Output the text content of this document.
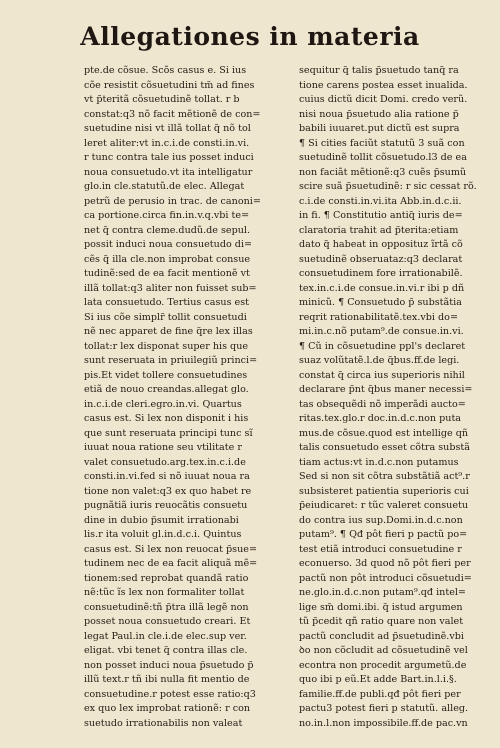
Allegationes in materia
pte.de cõsue. Scõs casus e. Si ius
cõe resistit cõsuetudini tm̃ ad fines
vt p̃teritã cõsuetudinẽ tollat. r b
constat:q3 nõ facit mẽtionẽ de con=
suetudine nisi vt illã tollat q̃ nõ tol
leret aliter:vt in.c.i.de consti.in.vi.
r tunc contra tale ius posset induci
noua consuetudo.vt ita intelligatur
glo.in cle.statutũ.de elec. Allegat
petrũ de perusio in trac. de canoni=
ca portione.circa fin.in.v.q.vbi te=
net q̃ contra cleme.dudũ.de sepul.
possit induci noua consuetudo di=
cẽs q̃ illa cle.non improbat consue
tudinẽ:sed de ea facit mentionẽ vt
illã tollat:q3 aliter non fuisset sub=
lata consuetudo. Tertius casus est
Si ius cõe simplr̃ tollit consuetudi
nẽ nec apparet de fine q̃re lex illas
tollat:r lex disponat super his que
sunt reseruata in priuilegiũ princi=
pis.Et videt tollere consuetudines
etiã de nouo creandas.allegat glo.
in.c.i.de cleri.egro.in.vi. Quartus
casus est. Si lex non disponit i his
que sunt reseruata principi tunc sĩ
iuuat noua ratione seu vtilitate r
valet consuetudo.arg.tex.in.c.i.de
consti.in.vi.fed si nõ iuuat noua ra
tione non valet:q3 ex quo habet re
pugnãtiã iuris reuocãtis consuetu
dine in dubio p̃sumit irrationabi
lis.r ita voluit gl.in.d.c.i. Quintus
casus est. Si lex non reuocat p̃sue=
tudinem nec de ea facit aliquã mẽ=
tionem:sed reprobat quandã ratio
nẽ:tũc ĩs lex non formaliter tollat
consuetudinẽ:tñ p̃tra illã legẽ non
posset noua consuetudo creari. Et
legat Paul.in cle.i.de elec.sup ver.
eligat. vbi tenet q̃ contra illas cle.
non posset induci noua p̃suetudo p̃
illũ text.r tñ ibi nulla fit mentio de
consuetudine.r potest esse ratio:q3
ex quo lex improbat rationẽ: r con
suetudo irrationabilis non valeat
sequitur q̃ talis p̃suetudo tanq̃ ra
tione carens postea esset inualida.
cuius dictũ dicit Domi. credo verũ.
nisi noua p̃suetudo alia ratione p̃
babili iuuaret.put dictũ est supra
¶ Si cities faciũt statutũ 3 suã con
suetudinẽ tollit cõsuetudo.l3 de ea
non faciãt mẽtionẽ:q3 cuẽs p̃sumũ
scire suã p̃suetudinẽ: r sic cessat rõ.
c.i.de consti.in.vi.ita Abb.in.d.c.ii.
in fi. ¶ Constitutio antiq̃ iuris de=
claratoria trahit ad p̃terita:etiam
dato q̃ habeat in opposituz ĩrtã cõ
suetudinẽ obseruataz:q3 declarat
consuetudinem fore irrationabilẽ.
tex.in.c.i.de consue.in.vi.r ibi p dñ
minicũ. ¶ Consuetudo p̃ substãtia
reqrit rationabilitatẽ.tex.vbi do=
mi.in.c.nõ putam⁹.de consue.in.vi.
¶ Cũ in cõsuetudine ppl's declaret
suaz volũtatẽ.l.de q̃bus.ff.de legi.
constat q̃ circa ius superioris nihil
declarare p̃nt q̃bus maner necessi=
tas obsequẽdi nõ imperãdi aucto=
ritas.tex.glo.r doc.in.d.c.non puta
mus.de cõsue.quod est intellige qñ
talis consuetudo esset cõtra substã
tiam actus:vt in.d.c.non putamus
Sed si non sit cõtra substãtiã act⁹.r
subsisteret patientia superioris cui
p̃eiudicaret: r tũc valeret consuetu
do contra ius sup.Domi.in.d.c.non
putam⁹. ¶ Qđ pôt fieri p pactũ po=
test etiã introduci consuetudine r
econuerso. 3d quod nõ pôt fieri per
pactũ non pôt introduci cõsuetudi=
ne.glo.in.d.c.non putam⁹.qđ intel=
lige sm̃ domi.ibi. q̃ istud argumen
tũ p̃cedit qñ ratio quare non valet
pactũ concludit ad p̃suetudinẽ.vbi
ꝺo non cõcludit ad cõsuetudinẽ vel
econtra non procedit argumetũ.de
quo ibi p eũ.Et adde Bart.in.l.i.§.
familie.ff.de publi.qđ pôt fieri per
pactu3 potest fieri p statutũ. alleg.
no.in.l.non impossibile.ff.de pac.vn
